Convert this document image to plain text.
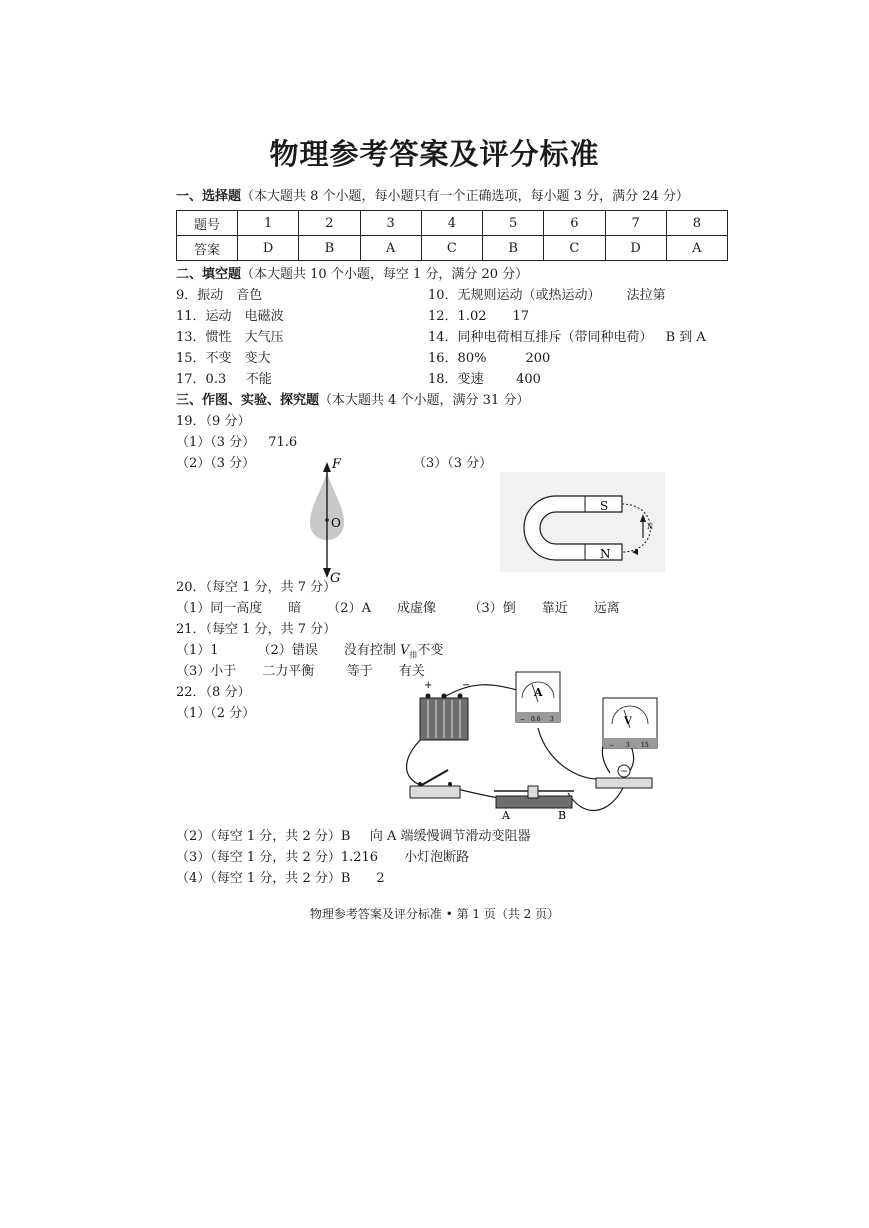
物理参考答案及评分标准
一、选择题（本大题共 8 个小题，每小题只有一个正确选项，每小题 3 分，满分 24 分）
题号	1	2	3	4	5	6	7	8
答案	D	B	A	C	B	C	D	A
二、填空题（本大题共 10 个小题，每空 1 分，满分 20 分）
9．振动  音色	10．无规则运动（或热运动）   法拉第
11．运动  电磁波	12．1.02   17
13．惯性  大气压	14．同种电荷相互排斥（带同种电荷）  B 到 A
15．不变  变大	16．80%   	200
17．0.3   不能	18．变速   	400
三、作图、实验、探究题（本大题共 4 个小题，满分 31 分）
19．（9 分）
（1）（3 分）  71.6
（2）（3 分）	（3）（3 分）
F
O
G
S
N
N
20．（每空 1 分，共 7 分）
（1）同一高度   暗   （2）A   成虚像   	（3）倒   靠近   远离
21．（每空 1 分，共 7 分）
（1）1   	（2）错误   没有控制 $V_排$不变
（3）小于   二力平衡   	等于   有关
22．（8 分）
（1）（2 分）
+	−
A
− 0.6 3	V
− 3 15
A	B
（2）（每空 1 分，共 2 分）B   向 A 端缓慢调节滑动变阻器
（3）（每空 1 分，共 2 分）1.216   小灯泡断路
（4）（每空 1 分，共 2 分）B   2
物理参考答案及评分标准 • 第 1 页（共 2 页）
